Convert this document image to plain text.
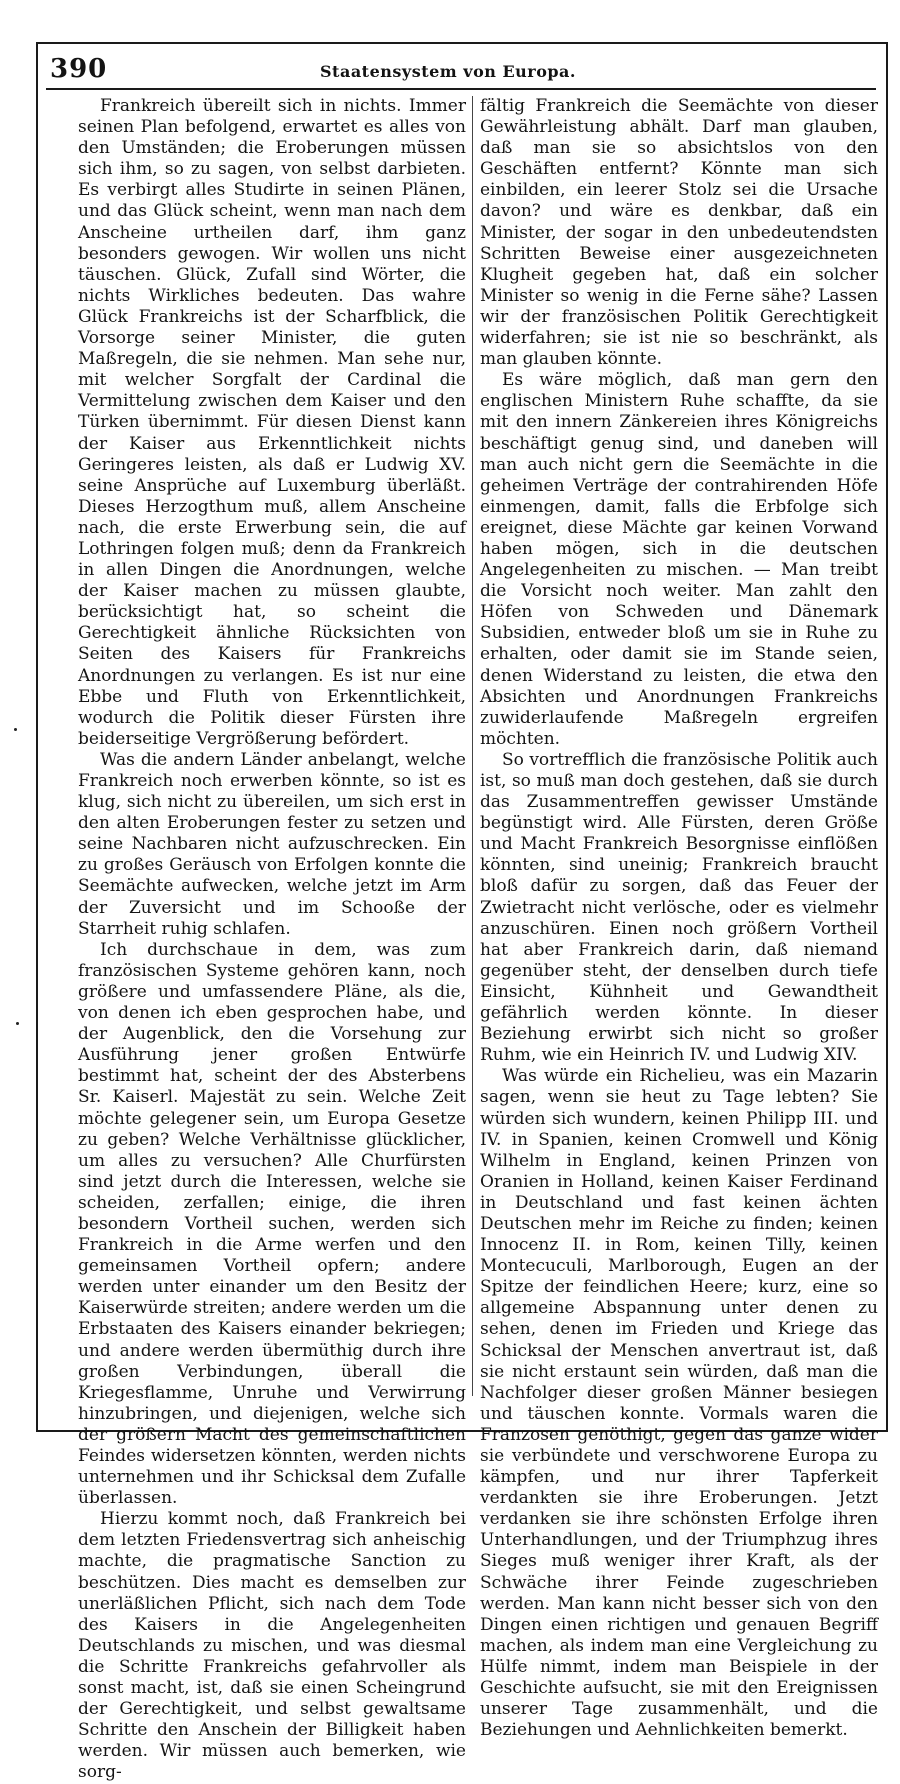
390	Staatensystem von Europa.

Frankreich übereilt sich in nichts. Immer seinen Plan befolgend, erwartet es alles von den Umständen; die Eroberungen müssen sich ihm, so zu sagen, von selbst darbieten. Es verbirgt alles Studirte in seinen Plänen, und das Glück scheint, wenn man nach dem Anscheine urtheilen darf, ihm ganz besonders gewogen. Wir wollen uns nicht täuschen. Glück, Zufall sind Wörter, die nichts Wirkliches bedeuten. Das wahre Glück Frankreichs ist der Scharfblick, die Vorsorge seiner Minister, die guten Maßregeln, die sie nehmen. Man sehe nur, mit welcher Sorgfalt der Cardinal die Vermittelung zwischen dem Kaiser und den Türken übernimmt. Für diesen Dienst kann der Kaiser aus Erkenntlichkeit nichts Geringeres leisten, als daß er Ludwig XV. seine Ansprüche auf Luxemburg überläßt. Dieses Herzogthum muß, allem Anscheine nach, die erste Erwerbung sein, die auf Lothringen folgen muß; denn da Frankreich in allen Dingen die Anordnungen, welche der Kaiser machen zu müssen glaubte, berücksichtigt hat, so scheint die Gerechtigkeit ähnliche Rücksichten von Seiten des Kaisers für Frankreichs Anordnungen zu verlangen. Es ist nur eine Ebbe und Fluth von Erkenntlichkeit, wodurch die Politik dieser Fürsten ihre beiderseitige Vergrößerung befördert.

Was die andern Länder anbelangt, welche Frankreich noch erwerben könnte, so ist es klug, sich nicht zu übereilen, um sich erst in den alten Eroberungen fester zu setzen und seine Nachbaren nicht aufzuschrecken. Ein zu großes Geräusch von Erfolgen konnte die Seemächte aufwecken, welche jetzt im Arm der Zuversicht und im Schooße der Starrheit ruhig schlafen.

Ich durchschaue in dem, was zum französischen Systeme gehören kann, noch größere und umfassendere Pläne, als die, von denen ich eben gesprochen habe, und der Augenblick, den die Vorsehung zur Ausführung jener großen Entwürfe bestimmt hat, scheint der des Absterbens Sr. Kaiserl. Majestät zu sein. Welche Zeit möchte gelegener sein, um Europa Gesetze zu geben? Welche Verhältnisse glücklicher, um alles zu versuchen? Alle Churfürsten sind jetzt durch die Interessen, welche sie scheiden, zerfallen; einige, die ihren besondern Vortheil suchen, werden sich Frankreich in die Arme werfen und den gemeinsamen Vortheil opfern; andere werden unter einander um den Besitz der Kaiserwürde streiten; andere werden um die Erbstaaten des Kaisers einander bekriegen; und andere werden übermüthig durch ihre großen Verbindungen, überall die Kriegesflamme, Unruhe und Verwirrung hinzubringen, und diejenigen, welche sich der größern Macht des gemeinschaftlichen Feindes widersetzen könnten, werden nichts unternehmen und ihr Schicksal dem Zufalle überlassen.

Hierzu kommt noch, daß Frankreich bei dem letzten Friedensvertrag sich anheischig machte, die pragmatische Sanction zu beschützen. Dies macht es demselben zur unerläßlichen Pflicht, sich nach dem Tode des Kaisers in die Angelegenheiten Deutschlands zu mischen, und was diesmal die Schritte Frankreichs gefahrvoller als sonst macht, ist, daß sie einen Scheingrund der Gerechtigkeit, und selbst gewaltsame Schritte den Anschein der Billigkeit haben werden. Wir müssen auch bemerken, wie sorg-

fältig Frankreich die Seemächte von dieser Gewährleistung abhält. Darf man glauben, daß man sie so absichtslos von den Geschäften entfernt? Könnte man sich einbilden, ein leerer Stolz sei die Ursache davon? und wäre es denkbar, daß ein Minister, der sogar in den unbedeutendsten Schritten Beweise einer ausgezeichneten Klugheit gegeben hat, daß ein solcher Minister so wenig in die Ferne sähe? Lassen wir der französischen Politik Gerechtigkeit widerfahren; sie ist nie so beschränkt, als man glauben könnte.

Es wäre möglich, daß man gern den englischen Ministern Ruhe schaffte, da sie mit den innern Zänkereien ihres Königreichs beschäftigt genug sind, und daneben will man auch nicht gern die Seemächte in die geheimen Verträge der contrahirenden Höfe einmengen, damit, falls die Erbfolge sich ereignet, diese Mächte gar keinen Vorwand haben mögen, sich in die deutschen Angelegenheiten zu mischen. — Man treibt die Vorsicht noch weiter. Man zahlt den Höfen von Schweden und Dänemark Subsidien, entweder bloß um sie in Ruhe zu erhalten, oder damit sie im Stande seien, denen Widerstand zu leisten, die etwa den Absichten und Anordnungen Frankreichs zuwiderlaufende Maßregeln ergreifen möchten.

So vortrefflich die französische Politik auch ist, so muß man doch gestehen, daß sie durch das Zusammentreffen gewisser Umstände begünstigt wird. Alle Fürsten, deren Größe und Macht Frankreich Besorgnisse einflößen könnten, sind uneinig; Frankreich braucht bloß dafür zu sorgen, daß das Feuer der Zwietracht nicht verlösche, oder es vielmehr anzuschüren. Einen noch größern Vortheil hat aber Frankreich darin, daß niemand gegenüber steht, der denselben durch tiefe Einsicht, Kühnheit und Gewandtheit gefährlich werden könnte. In dieser Beziehung erwirbt sich nicht so großer Ruhm, wie ein Heinrich IV. und Ludwig XIV.

Was würde ein Richelieu, was ein Mazarin sagen, wenn sie heut zu Tage lebten? Sie würden sich wundern, keinen Philipp III. und IV. in Spanien, keinen Cromwell und König Wilhelm in England, keinen Prinzen von Oranien in Holland, keinen Kaiser Ferdinand in Deutschland und fast keinen ächten Deutschen mehr im Reiche zu finden; keinen Innocenz II. in Rom, keinen Tilly, keinen Montecuculi, Marlborough, Eugen an der Spitze der feindlichen Heere; kurz, eine so allgemeine Abspannung unter denen zu sehen, denen im Frieden und Kriege das Schicksal der Menschen anvertraut ist, daß sie nicht erstaunt sein würden, daß man die Nachfolger dieser großen Männer besiegen und täuschen konnte. Vormals waren die Franzosen genöthigt, gegen das ganze wider sie verbündete und verschworene Europa zu kämpfen, und nur ihrer Tapferkeit verdankten sie ihre Eroberungen. Jetzt verdanken sie ihre schönsten Erfolge ihren Unterhandlungen, und der Triumphzug ihres Sieges muß weniger ihrer Kraft, als der Schwäche ihrer Feinde zugeschrieben werden. Man kann nicht besser sich von den Dingen einen richtigen und genauen Begriff machen, als indem man eine Vergleichung zu Hülfe nimmt, indem man Beispiele in der Geschichte aufsucht, sie mit den Ereignissen unserer Tage zusammenhält, und die Beziehungen und Aehnlichkeiten bemerkt.
